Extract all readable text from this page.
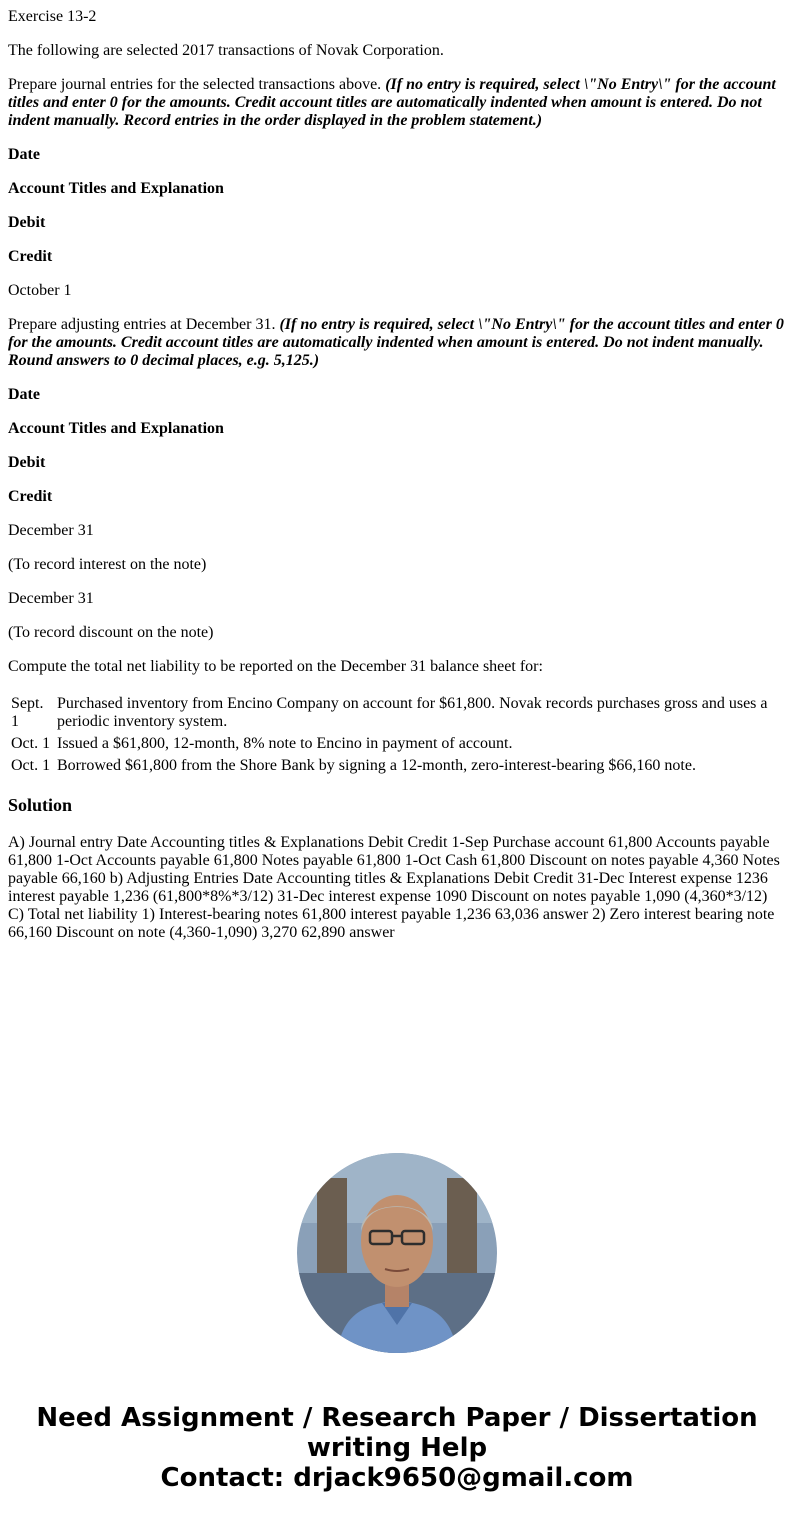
Exercise 13-2

The following are selected 2017 transactions of Novak Corporation.

Prepare journal entries for the selected transactions above. (If no entry is required, select \"No Entry\" for the account titles and enter 0 for the amounts. Credit account titles are automatically indented when amount is entered. Do not indent manually. Record entries in the order displayed in the problem statement.)

Date

Account Titles and Explanation

Debit

Credit

October 1

Prepare adjusting entries at December 31. (If no entry is required, select \"No Entry\" for the account titles and enter 0 for the amounts. Credit account titles are automatically indented when amount is entered. Do not indent manually. Round answers to 0 decimal places, e.g. 5,125.)

Date

Account Titles and Explanation

Debit

Credit

December 31

(To record interest on the note)

December 31

(To record discount on the note)

Compute the total net liability to be reported on the December 31 balance sheet for:

Sept. 1	Purchased inventory from Encino Company on account for $61,800. Novak records purchases gross and uses a periodic inventory system.
Oct. 1	Issued a $61,800, 12-month, 8% note to Encino in payment of account.
Oct. 1	Borrowed $61,800 from the Shore Bank by signing a 12-month, zero-interest-bearing $66,160 note.
Solution

A) Journal entry Date Accounting titles & Explanations Debit Credit 1-Sep Purchase account 61,800 Accounts payable 61,800 1-Oct Accounts payable 61,800 Notes payable 61,800 1-Oct Cash 61,800 Discount on notes payable 4,360 Notes payable 66,160 b) Adjusting Entries Date Accounting titles & Explanations Debit Credit 31-Dec Interest expense 1236 interest payable 1,236 (61,800*8%*3/12) 31-Dec interest expense 1090 Discount on notes payable 1,090 (4,360*3/12) C) Total net liability 1) Interest-bearing notes 61,800 interest payable 1,236 63,036 answer 2) Zero interest bearing note 66,160 Discount on note (4,360-1,090) 3,270 62,890 answer

Need Assignment / Research Paper / Dissertation
writing Help
Contact: drjack9650@gmail.com
